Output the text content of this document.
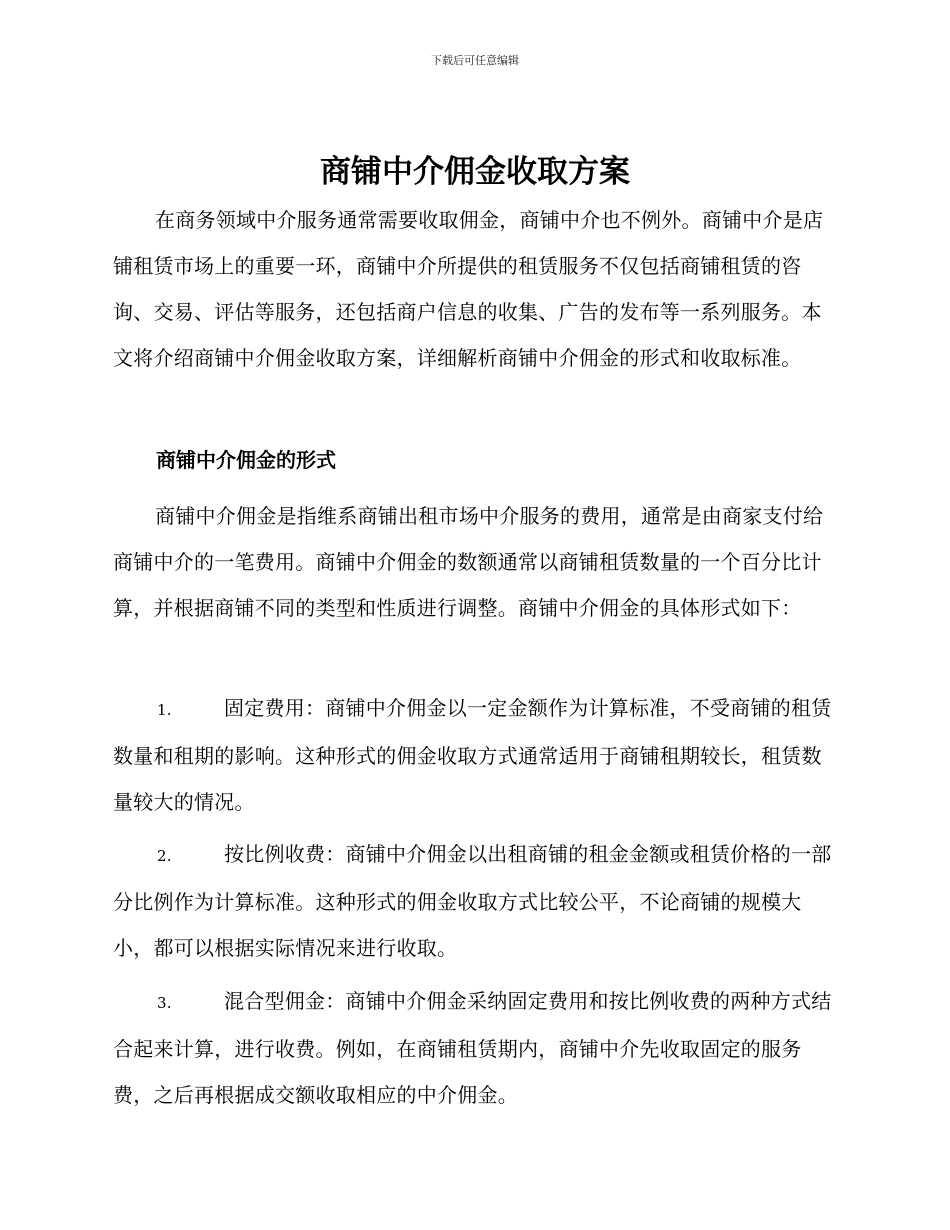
下载后可任意编辑
商铺中介佣金收取方案

在商务领域中介服务通常需要收取佣金，商铺中介也不例外。商铺中介是店铺租赁市场上的重要一环，商铺中介所提供的租赁服务不仅包括商铺租赁的咨询、交易、评估等服务，还包括商户信息的收集、广告的发布等一系列服务。本文将介绍商铺中介佣金收取方案，详细解析商铺中介佣金的形式和收取标准。

商铺中介佣金的形式

商铺中介佣金是指维系商铺出租市场中介服务的费用，通常是由商家支付给商铺中介的一笔费用。商铺中介佣金的数额通常以商铺租赁数量的一个百分比计算，并根据商铺不同的类型和性质进行调整。商铺中介佣金的具体形式如下：

1.	固定费用：商铺中介佣金以一定金额作为计算标准，不受商铺的租赁数量和租期的影响。这种形式的佣金收取方式通常适用于商铺租期较长，租赁数量较大的情况。
2.	按比例收费：商铺中介佣金以出租商铺的租金金额或租赁价格的一部分比例作为计算标准。这种形式的佣金收取方式比较公平，不论商铺的规模大小，都可以根据实际情况来进行收取。
3.	混合型佣金：商铺中介佣金采纳固定费用和按比例收费的两种方式结合起来计算，进行收费。例如，在商铺租赁期内，商铺中介先收取固定的服务费，之后再根据成交额收取相应的中介佣金。
